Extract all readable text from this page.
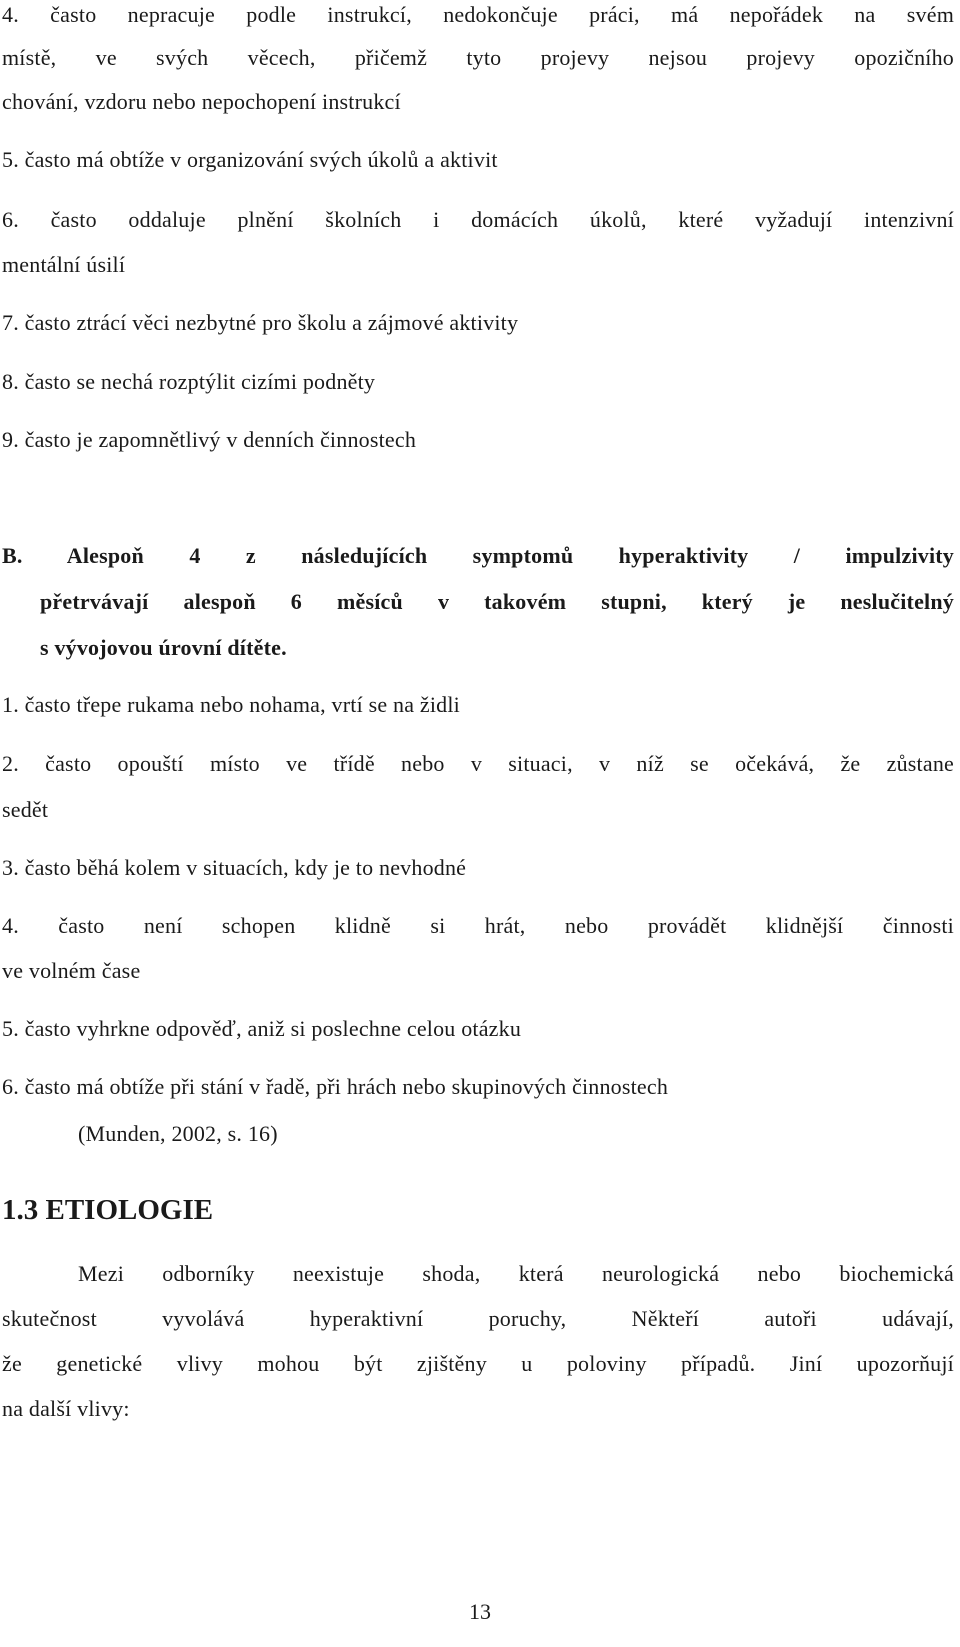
4. často nepracuje podle instrukcí, nedokončuje práci, má nepořádek na svém
místě, ve svých věcech, přičemž tyto projevy nejsou projevy opozičního
chování, vzdoru nebo nepochopení instrukcí
5. často má obtíže v organizování svých úkolů a aktivit
6. často oddaluje plnění školních i domácích úkolů, které vyžadují intenzivní
mentální úsilí
7. často ztrácí věci nezbytné pro školu a zájmové aktivity
8. často se nechá rozptýlit cizími podněty
9. často je zapomnětlivý v denních činnostech
B. Alespoň 4 z následujících symptomů hyperaktivity / impulzivity
přetrvávají alespoň 6 měsíců v takovém stupni, který je neslučitelný
s vývojovou úrovní dítěte.
1. často třepe rukama nebo nohama, vrtí se na židli
2. často opouští místo ve třídě nebo v situaci, v níž se očekává, že zůstane
sedět
3. často běhá kolem v situacích, kdy je to nevhodné
4. často není schopen klidně si hrát, nebo provádět klidnější činnosti
ve volném čase
5. často vyhrkne odpověď, aniž si poslechne celou otázku
6. často má obtíže při stání v řadě, při hrách nebo skupinových činnostech
(Munden, 2002, s. 16)
1.3 ETIOLOGIE
Mezi odborníky neexistuje shoda, která neurologická nebo biochemická
skutečnost vyvolává hyperaktivní poruchy, Někteří autoři udávají,
že genetické vlivy mohou být zjištěny u poloviny případů. Jiní upozorňují
na další vlivy:
13
